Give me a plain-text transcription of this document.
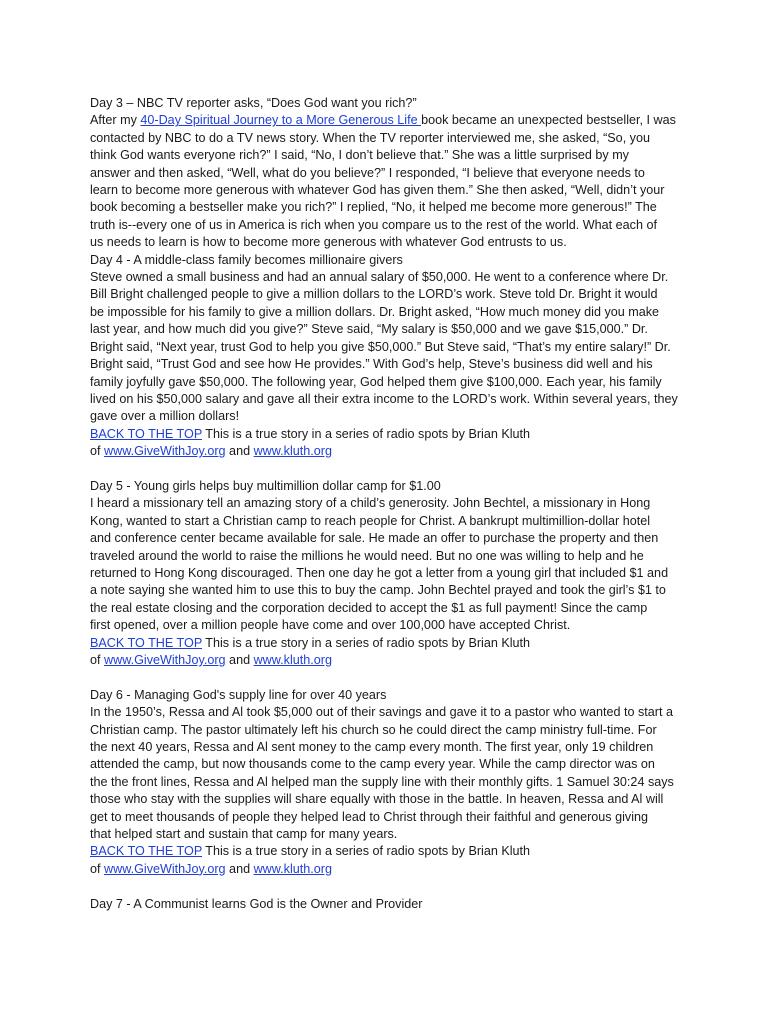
Day 3 – NBC TV reporter asks, “Does God want you rich?”
After my 40-Day Spiritual Journey to a More Generous Life book became an unexpected bestseller, I was
contacted by NBC to do a TV news story. When the TV reporter interviewed me, she asked, “So, you
think God wants everyone rich?” I said, “No, I don’t believe that.” She was a little surprised by my
answer and then asked, “Well, what do you believe?” I responded, “I believe that everyone needs to
learn to become more generous with whatever God has given them.” She then asked, “Well, didn’t your
book becoming a bestseller make you rich?” I replied, “No, it helped me become more generous!” The
truth is--every one of us in America is rich when you compare us to the rest of the world. What each of
us needs to learn is how to become more generous with whatever God entrusts to us.
Day 4 - A middle-class family becomes millionaire givers
Steve owned a small business and had an annual salary of $50,000. He went to a conference where Dr.
Bill Bright challenged people to give a million dollars to the LORD’s work. Steve told Dr. Bright it would
be impossible for his family to give a million dollars. Dr. Bright asked, “How much money did you make
last year, and how much did you give?” Steve said, “My salary is $50,000 and we gave $15,000.” Dr.
Bright said, “Next year, trust God to help you give $50,000.” But Steve said, “That’s my entire salary!” Dr.
Bright said, “Trust God and see how He provides.” With God’s help, Steve’s business did well and his
family joyfully gave $50,000. The following year, God helped them give $100,000. Each year, his family
lived on his $50,000 salary and gave all their extra income to the LORD’s work. Within several years, they
gave over a million dollars!
BACK TO THE TOP This is a true story in a series of radio spots by Brian Kluth
of www.GiveWithJoy.org and www.kluth.org
Day 5 - Young girls helps buy multimillion dollar camp for $1.00
I heard a missionary tell an amazing story of a child’s generosity. John Bechtel, a missionary in Hong
Kong, wanted to start a Christian camp to reach people for Christ. A bankrupt multimillion-dollar hotel
and conference center became available for sale. He made an offer to purchase the property and then
traveled around the world to raise the millions he would need. But no one was willing to help and he
returned to Hong Kong discouraged. Then one day he got a letter from a young girl that included $1 and
a note saying she wanted him to use this to buy the camp. John Bechtel prayed and took the girl’s $1 to
the real estate closing and the corporation decided to accept the $1 as full payment! Since the camp
first opened, over a million people have come and over 100,000 have accepted Christ.
BACK TO THE TOP This is a true story in a series of radio spots by Brian Kluth
of www.GiveWithJoy.org and www.kluth.org
Day 6 - Managing God's supply line for over 40 years
In the 1950’s, Ressa and Al took $5,000 out of their savings and gave it to a pastor who wanted to start a
Christian camp. The pastor ultimately left his church so he could direct the camp ministry full-time. For
the next 40 years, Ressa and Al sent money to the camp every month. The first year, only 19 children
attended the camp, but now thousands come to the camp every year. While the camp director was on
the the front lines, Ressa and Al helped man the supply line with their monthly gifts. 1 Samuel 30:24 says
those who stay with the supplies will share equally with those in the battle. In heaven, Ressa and Al will
get to meet thousands of people they helped lead to Christ through their faithful and generous giving
that helped start and sustain that camp for many years.
BACK TO THE TOP This is a true story in a series of radio spots by Brian Kluth
of www.GiveWithJoy.org and www.kluth.org
Day 7 - A Communist learns God is the Owner and Provider
